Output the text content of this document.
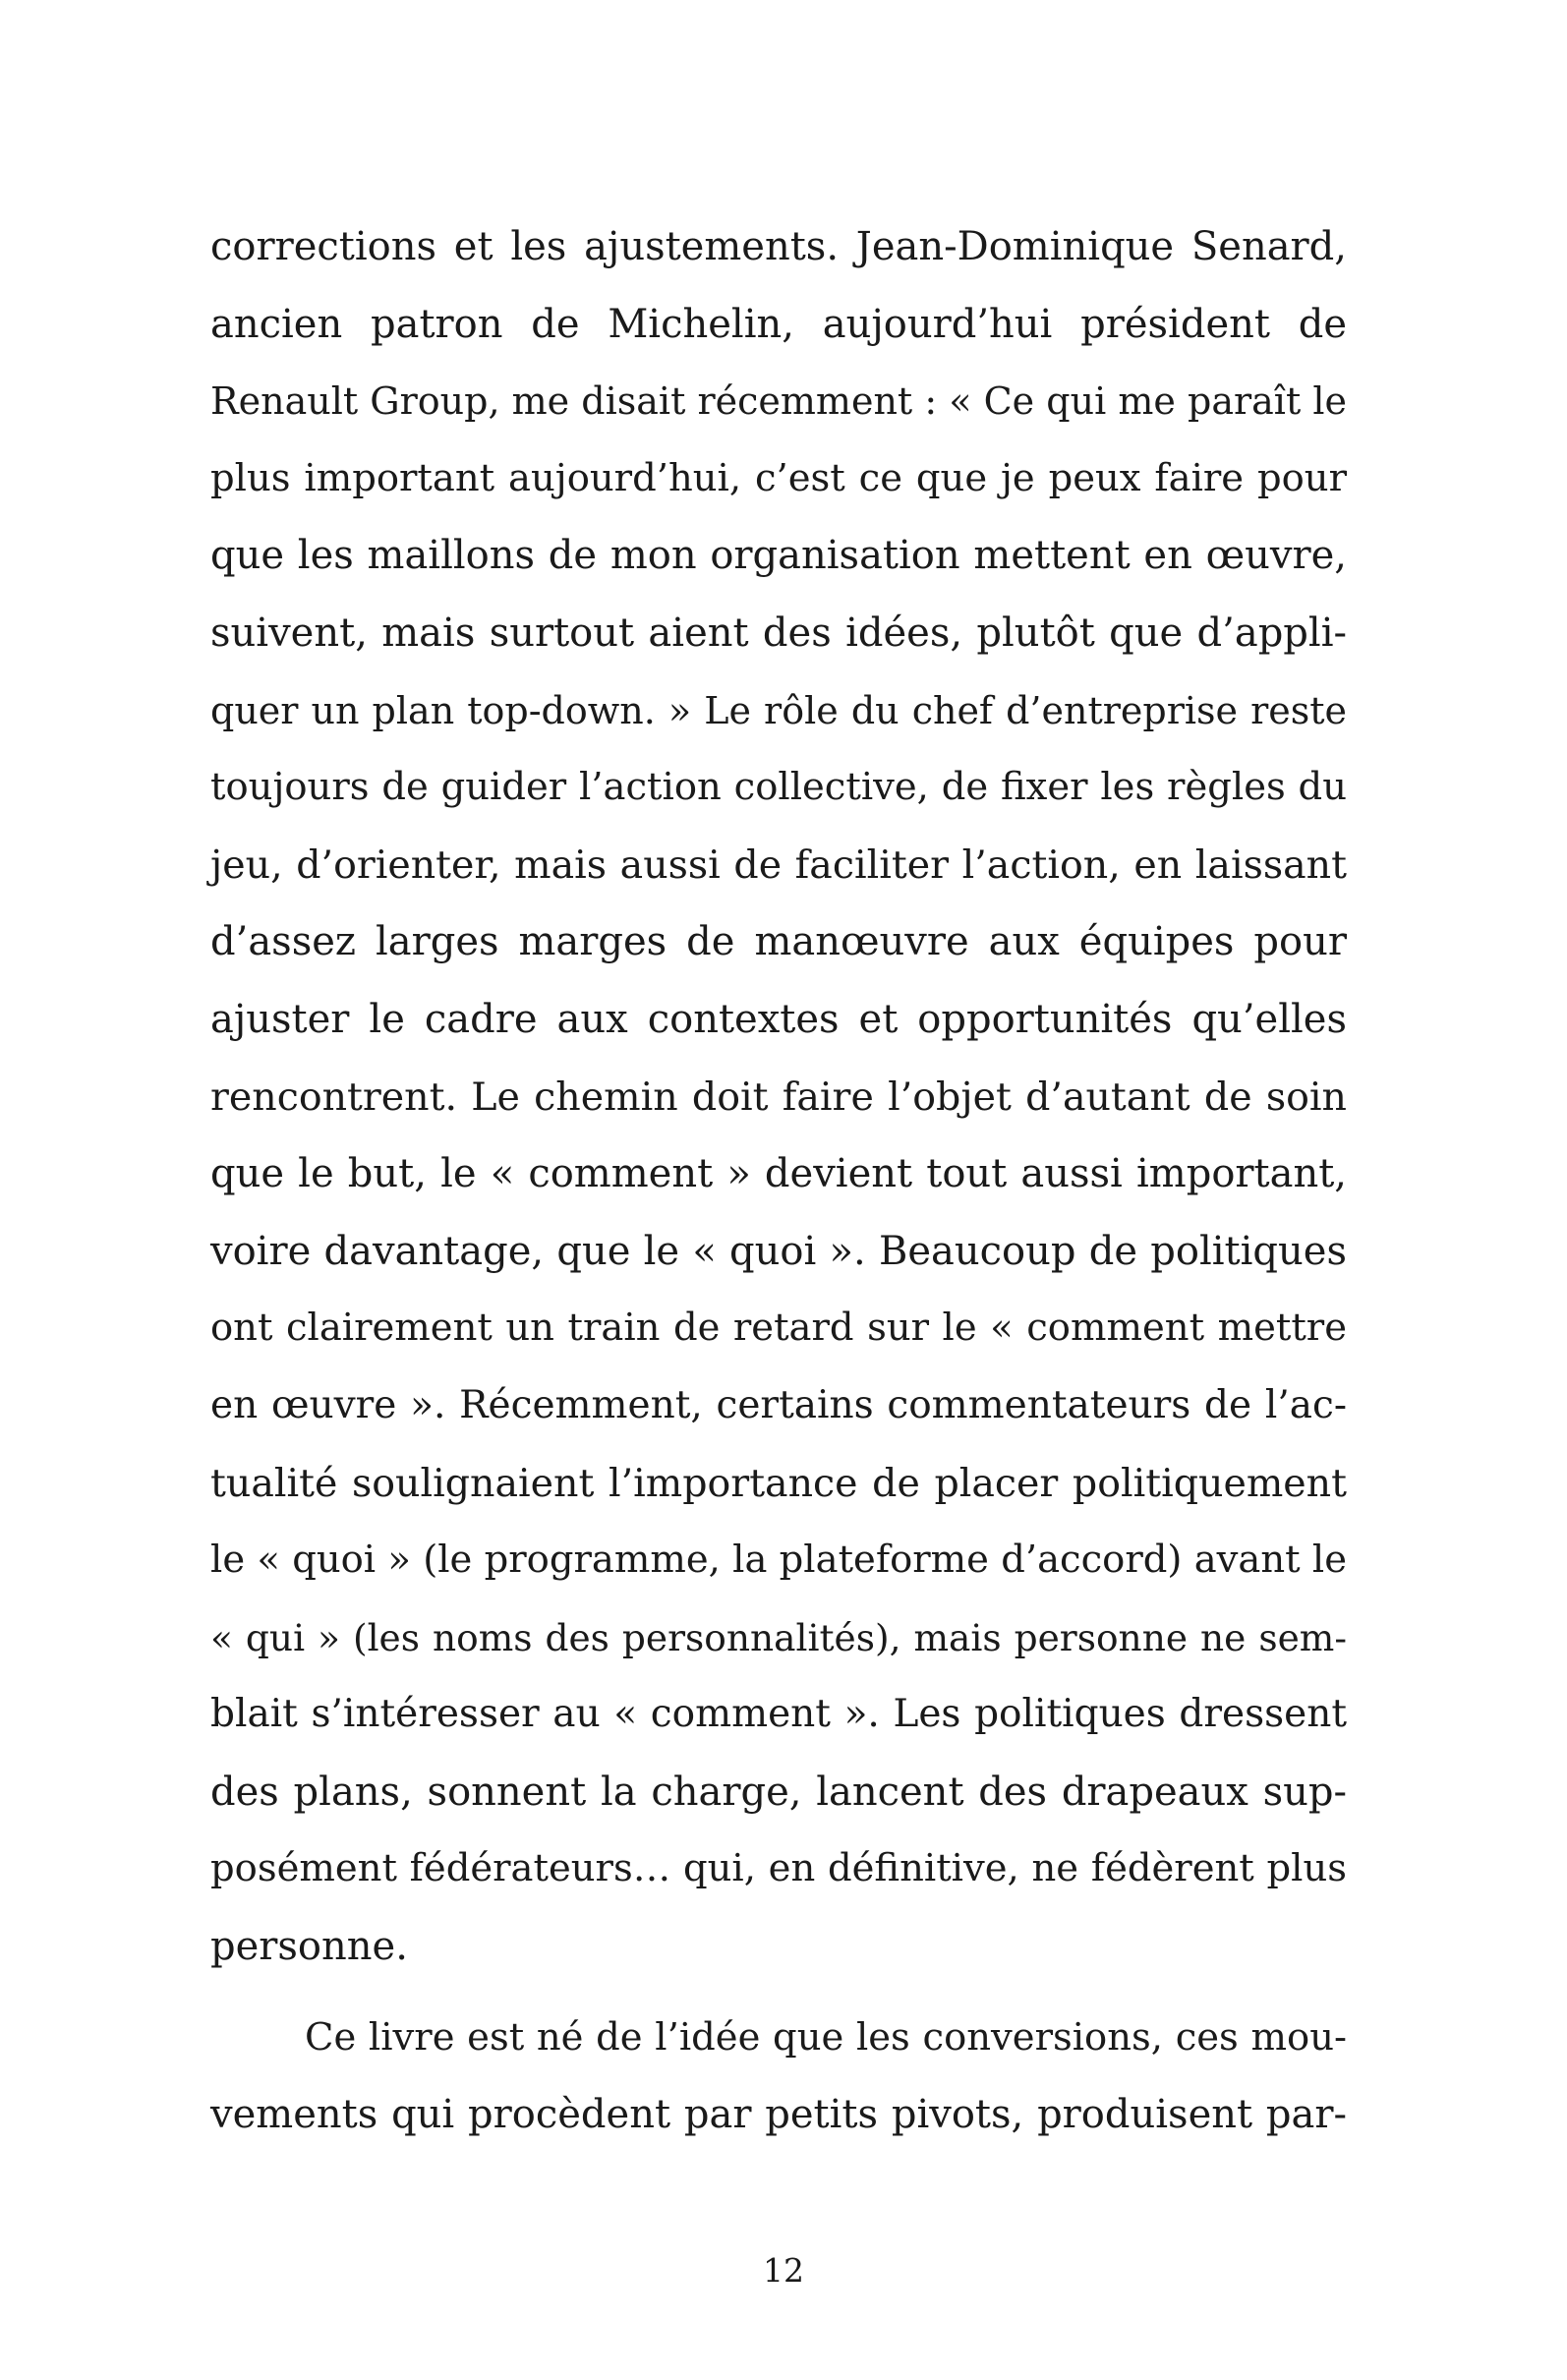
corrections et les ajustements. Jean-Dominique Senard,
ancien patron de Michelin, aujourd’hui président de
Renault Group, me disait récemment : « Ce qui me paraît le
plus important aujourd’hui, c’est ce que je peux faire pour
que les maillons de mon organisation mettent en œuvre,
suivent, mais surtout aient des idées, plutôt que d’appli-
quer un plan top-down. » Le rôle du chef d’entreprise reste
toujours de guider l’action collective, de fixer les règles du
jeu, d’orienter, mais aussi de faciliter l’action, en laissant
d’assez larges marges de manœuvre aux équipes pour
ajuster le cadre aux contextes et opportunités qu’elles
rencontrent. Le chemin doit faire l’objet d’autant de soin
que le but, le « comment » devient tout aussi important,
voire davantage, que le « quoi ». Beaucoup de politiques
ont clairement un train de retard sur le « comment mettre
en œuvre ». Récemment, certains commentateurs de l’ac-
tualité soulignaient l’importance de placer politiquement
le « quoi » (le programme, la plateforme d’accord) avant le
« qui » (les noms des personnalités), mais personne ne sem-
blait s’intéresser au « comment ». Les politiques dressent
des plans, sonnent la charge, lancent des drapeaux sup-
posément fédérateurs… qui, en définitive, ne fédèrent plus
personne.
Ce livre est né de l’idée que les conversions, ces mou-
vements qui procèdent par petits pivots, produisent par-
12
